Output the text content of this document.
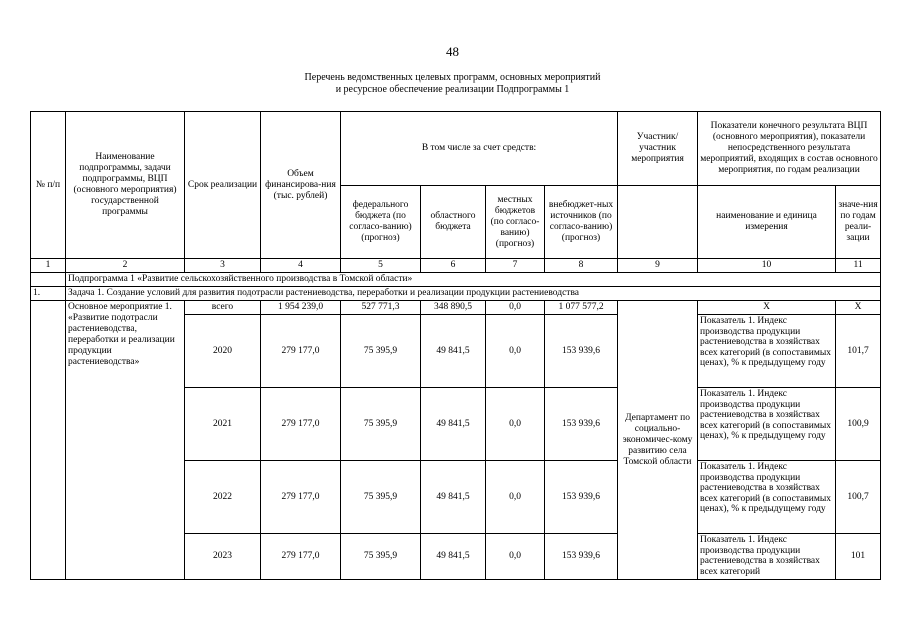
48
Перечень ведомственных целевых программ, основных мероприятий
и ресурсное обеспечение реализации Подпрограммы 1
№ п/п	Наименование подпрограммы, задачи подпрограммы, ВЦП (основного мероприятия) государственной программы	Срок реализации	Объем финансирова-ния (тыс. рублей)	В том числе за счет средств:				Участник/ участник мероприятия	Показатели конечного результата ВЦП (основного мероприятия), показатели непосредственного результата мероприятий, входящих в состав основного мероприятия, по годам реализации	
				федерального бюджета (по согласо-ванию) (прогноз)	областного бюджета	местных бюджетов (по согласо-ванию) (прогноз)	внебюджет-ных источников (по согласо-ванию) (прогноз)		наименование и единица измерения	значе-ния по годам реали-зации
1	2	3	4	5	6	7	8	9	10	11
	Подпрограмма 1 «Развитие сельскохозяйственного производства в Томской области»									
1.	Задача 1. Создание условий для развития подотрасли растениеводства, переработки и реализации продукции растениеводства									
	Основное мероприятие 1. «Развитие подотрасли растениеводства, переработки и реализации продукции растениеводства»	всего	1 954 239,0	527 771,3	348 890,5	0,0	1 077 577,2	Департамент по социально-экономичес-кому развитию села Томской области	X	X
		2020	279 177,0	75 395,9	49 841,5	0,0	153 939,6		Показатель 1. Индекс производства продукции растениеводства в хозяйствах всех категорий (в сопоставимых ценах), % к предыдущему году	101,7
		2021	279 177,0	75 395,9	49 841,5	0,0	153 939,6		Показатель 1. Индекс производства продукции растениеводства в хозяйствах всех категорий (в сопоставимых ценах), % к предыдущему году	100,9
		2022	279 177,0	75 395,9	49 841,5	0,0	153 939,6		Показатель 1. Индекс производства продукции растениеводства в хозяйствах всех категорий (в сопоставимых ценах), % к предыдущему году	100,7
		2023	279 177,0	75 395,9	49 841,5	0,0	153 939,6		Показатель 1. Индекс производства продукции растениеводства в хозяйствах всех категорий	101
